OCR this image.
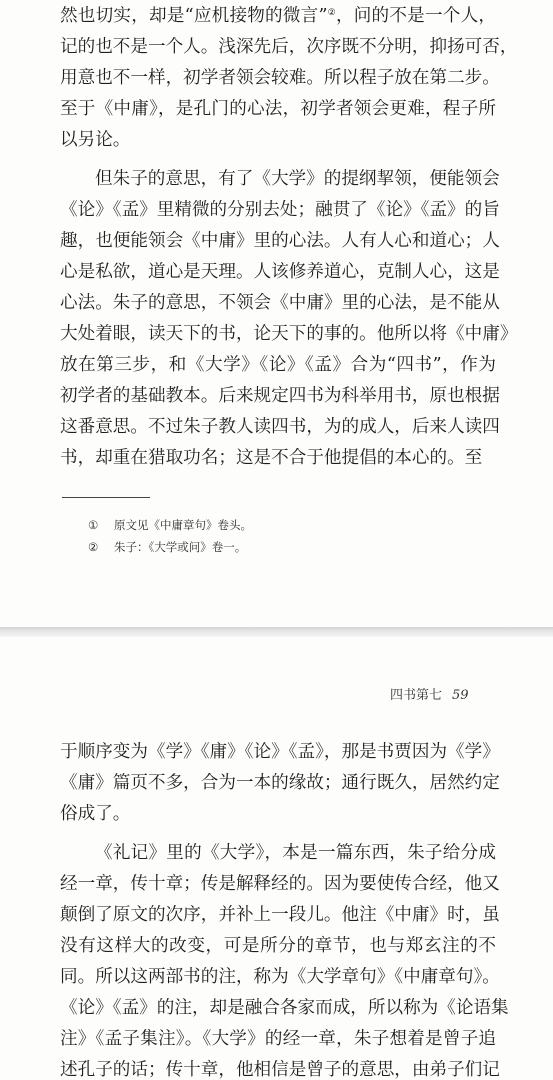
然也切实，却是“应机接物的微言”②，问的不是一个人，
记的也不是一个人。浅深先后，次序既不分明，抑扬可否，
用意也不一样，初学者领会较难。所以程子放在第二步。
至于《中庸》，是孔门的心法，初学者领会更难，程子所
以另论。
但朱子的意思，有了《大学》的提纲挈领，便能领会
《论》《孟》里精微的分别去处；融贯了《论》《孟》的旨
趣，也便能领会《中庸》里的心法。人有人心和道心；人
心是私欲，道心是天理。人该修养道心，克制人心，这是
心法。朱子的意思，不领会《中庸》里的心法，是不能从
大处着眼，读天下的书，论天下的事的。他所以将《中庸》
放在第三步，和《大学》《论》《孟》合为“四书”，作为
初学者的基础教本。后来规定四书为科举用书，原也根据
这番意思。不过朱子教人读四书，为的成人，后来人读四
书，却重在猎取功名；这是不合于他提倡的本心的。至
①	原文见《中庸章句》卷头。
②	朱子：《大学或问》卷一。
四书第七 59
于顺序变为《学》《庸》《论》《孟》，那是书贾因为《学》
《庸》篇页不多，合为一本的缘故；通行既久，居然约定
俗成了。
《礼记》里的《大学》，本是一篇东西，朱子给分成
经一章，传十章；传是解释经的。因为要使传合经，他又
颠倒了原文的次序，并补上一段儿。他注《中庸》时，虽
没有这样大的改变，可是所分的章节，也与郑玄注的不
同。所以这两部书的注，称为《大学章句》《中庸章句》。
《论》《孟》的注，却是融合各家而成，所以称为《论语集
注》《孟子集注》。《大学》的经一章，朱子想着是曾子追
述孔子的话；传十章，他相信是曾子的意思，由弟子们记
